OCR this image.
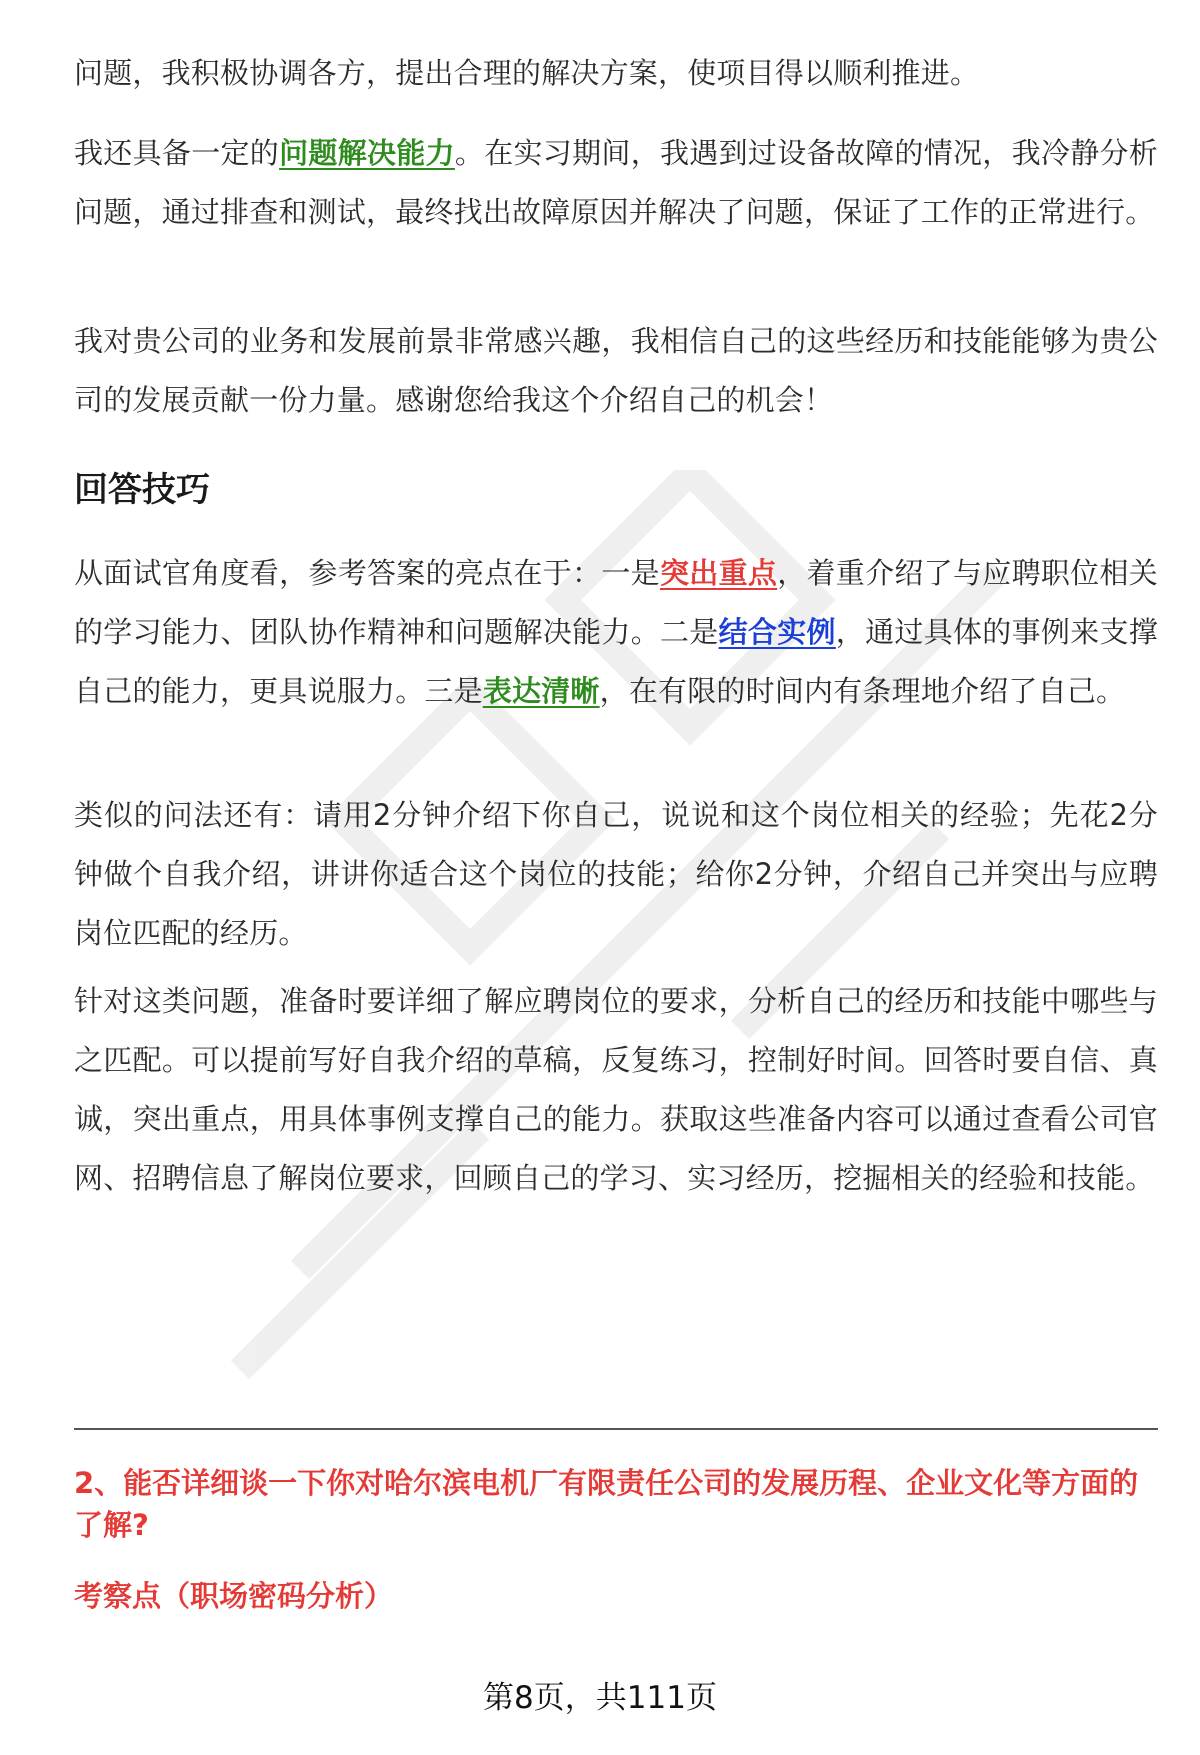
问题，我积极协调各方，提出合理的解决方案，使项目得以顺利推进。

我还具备一定的问题解决能力。在实习期间，我遇到过设备故障的情况，我冷静分析问题，通过排查和测试，最终找出故障原因并解决了问题，保证了工作的正常进行。

我对贵公司的业务和发展前景非常感兴趣，我相信自己的这些经历和技能能够为贵公司的发展贡献一份力量。感谢您给我这个介绍自己的机会！

回答技巧

从面试官角度看，参考答案的亮点在于：一是突出重点，着重介绍了与应聘职位相关的学习能力、团队协作精神和问题解决能力。二是结合实例，通过具体的事例来支撑自己的能力，更具说服力。三是表达清晰，在有限的时间内有条理地介绍了自己。

类似的问法还有：请用2分钟介绍下你自己，说说和这个岗位相关的经验；先花2分钟做个自我介绍，讲讲你适合这个岗位的技能；给你2分钟，介绍自己并突出与应聘岗位匹配的经历。

针对这类问题，准备时要详细了解应聘岗位的要求，分析自己的经历和技能中哪些与之匹配。可以提前写好自我介绍的草稿，反复练习，控制好时间。回答时要自信、真诚，突出重点，用具体事例支撑自己的能力。获取这些准备内容可以通过查看公司官网、招聘信息了解岗位要求，回顾自己的学习、实习经历，挖掘相关的经验和技能。

2、能否详细谈一下你对哈尔滨电机厂有限责任公司的发展历程、企业文化等方面的了解?

考察点（职场密码分析）

第8页，共111页
